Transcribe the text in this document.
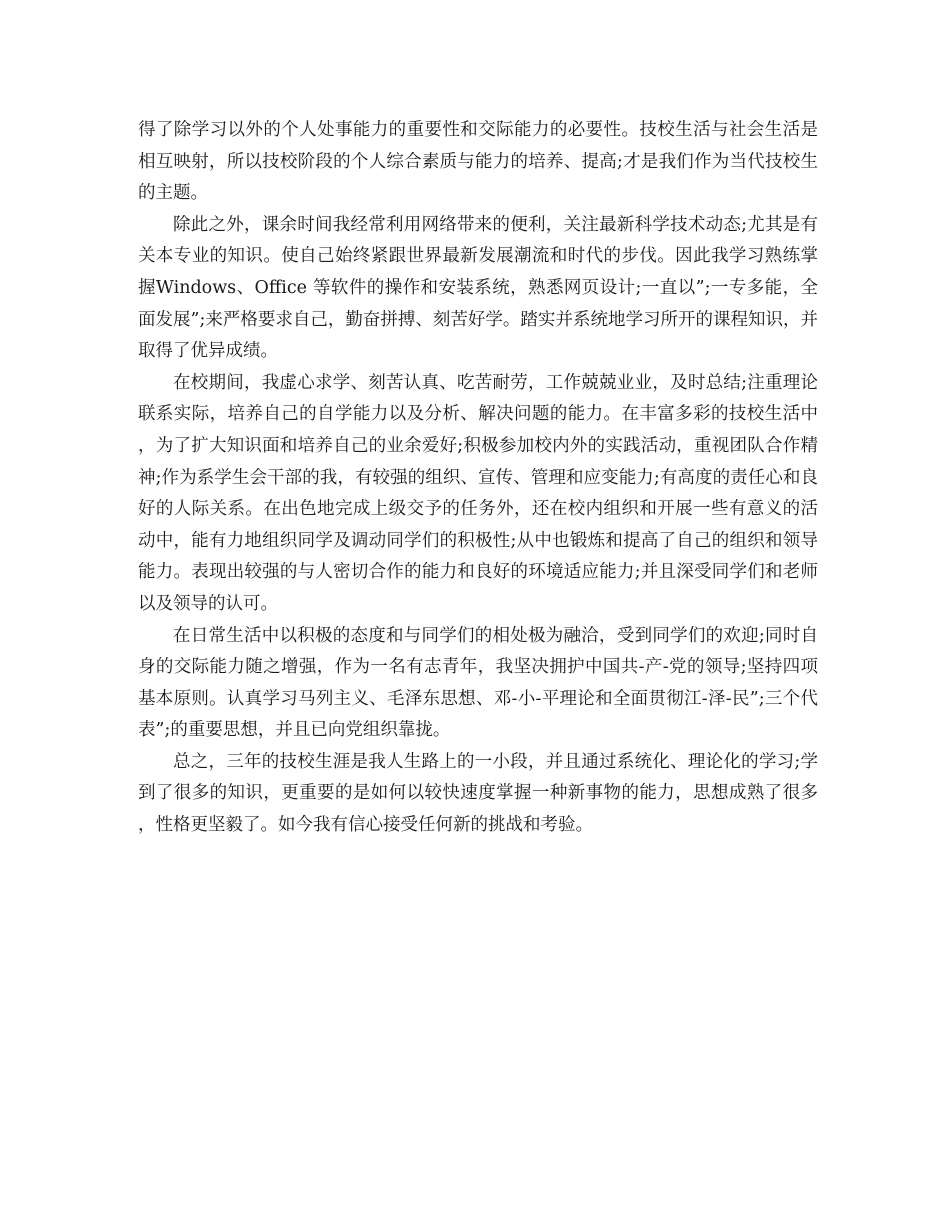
得了除学习以外的个人处事能力的重要性和交际能力的必要性。技校生活与社会生活是相互映射，所以技校阶段的个人综合素质与能力的培养、提高;才是我们作为当代技校生的主题。

除此之外，课余时间我经常利用网络带来的便利，关注最新科学技术动态;尤其是有关本专业的知识。使自己始终紧跟世界最新发展潮流和时代的步伐。因此我学习熟练掌握Windows、Office 等软件的操作和安装系统，熟悉网页设计;一直以”;一专多能，全面发展”;来严格要求自己，勤奋拼搏、刻苦好学。踏实并系统地学习所开的课程知识，并取得了优异成绩。

在校期间，我虚心求学、刻苦认真、吃苦耐劳，工作兢兢业业，及时总结;注重理论联系实际，培养自己的自学能力以及分析、解决问题的能力。在丰富多彩的技校生活中，为了扩大知识面和培养自己的业余爱好;积极参加校内外的实践活动，重视团队合作精神;作为系学生会干部的我，有较强的组织、宣传、管理和应变能力;有高度的责任心和良好的人际关系。在出色地完成上级交予的任务外，还在校内组织和开展一些有意义的活动中，能有力地组织同学及调动同学们的积极性;从中也锻炼和提高了自己的组织和领导能力。表现出较强的与人密切合作的能力和良好的环境适应能力;并且深受同学们和老师以及领导的认可。

在日常生活中以积极的态度和与同学们的相处极为融洽，受到同学们的欢迎;同时自身的交际能力随之增强，作为一名有志青年，我坚决拥护中国共-产-党的领导;坚持四项基本原则。认真学习马列主义、毛泽东思想、邓-小-平理论和全面贯彻江-泽-民”;三个代表”;的重要思想，并且已向党组织靠拢。

总之，三年的技校生涯是我人生路上的一小段，并且通过系统化、理论化的学习;学到了很多的知识，更重要的是如何以较快速度掌握一种新事物的能力，思想成熟了很多，性格更坚毅了。如今我有信心接受任何新的挑战和考验。
